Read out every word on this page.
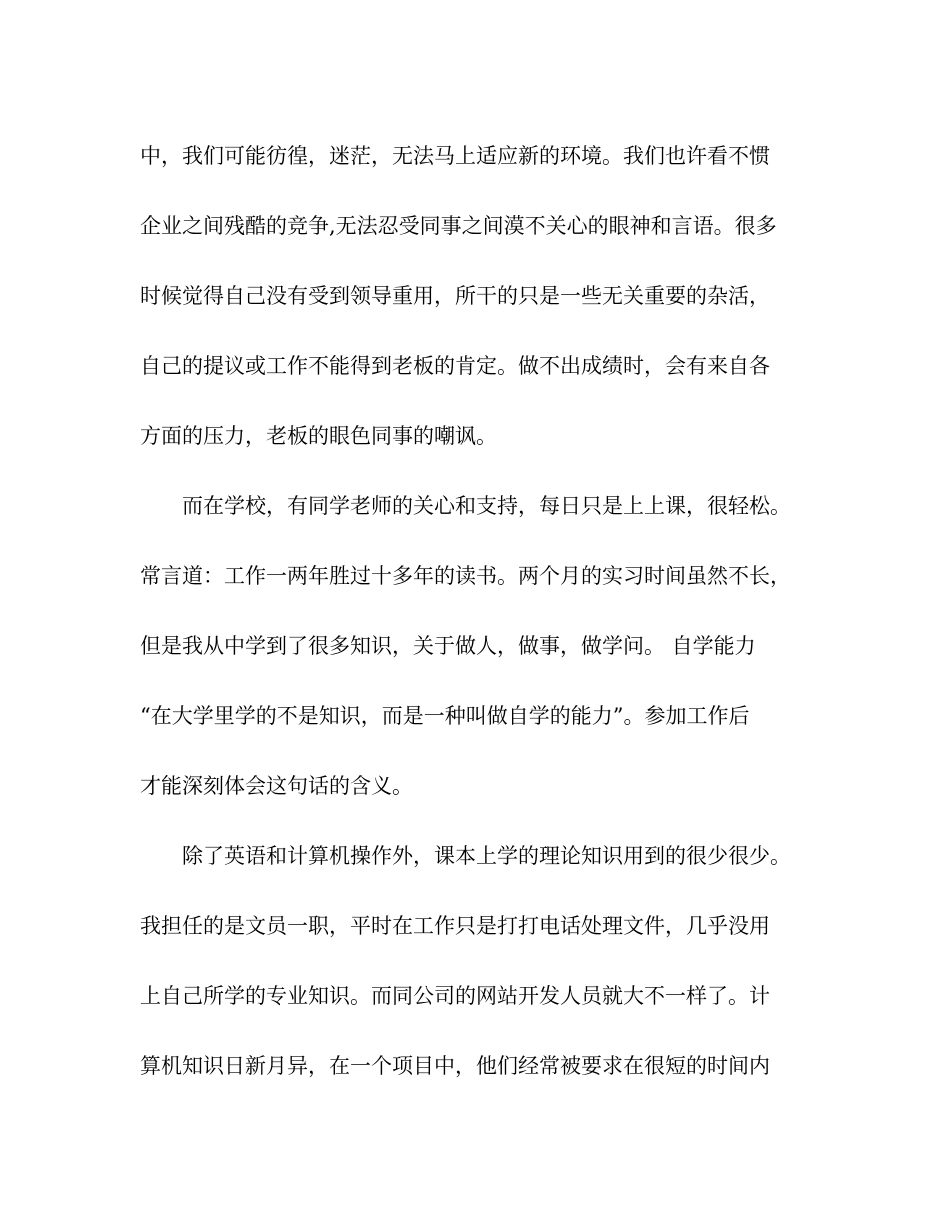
中，我们可能彷徨，迷茫，无法马上适应新的环境。我们也许看不惯
企业之间残酷的竞争,无法忍受同事之间漠不关心的眼神和言语。很多
时候觉得自己没有受到领导重用，所干的只是一些无关重要的杂活，
自己的提议或工作不能得到老板的肯定。做不出成绩时，会有来自各
方面的压力，老板的眼色同事的嘲讽。
而在学校，有同学老师的关心和支持，每日只是上上课，很轻松。
常言道：工作一两年胜过十多年的读书。两个月的实习时间虽然不长，
但是我从中学到了很多知识，关于做人，做事，做学问。 自学能力
“在大学里学的不是知识，而是一种叫做自学的能力”。参加工作后
才能深刻体会这句话的含义。
除了英语和计算机操作外，课本上学的理论知识用到的很少很少。
我担任的是文员一职，平时在工作只是打打电话处理文件，几乎没用
上自己所学的专业知识。而同公司的网站开发人员就大不一样了。计
算机知识日新月异，在一个项目中，他们经常被要求在很短的时间内
